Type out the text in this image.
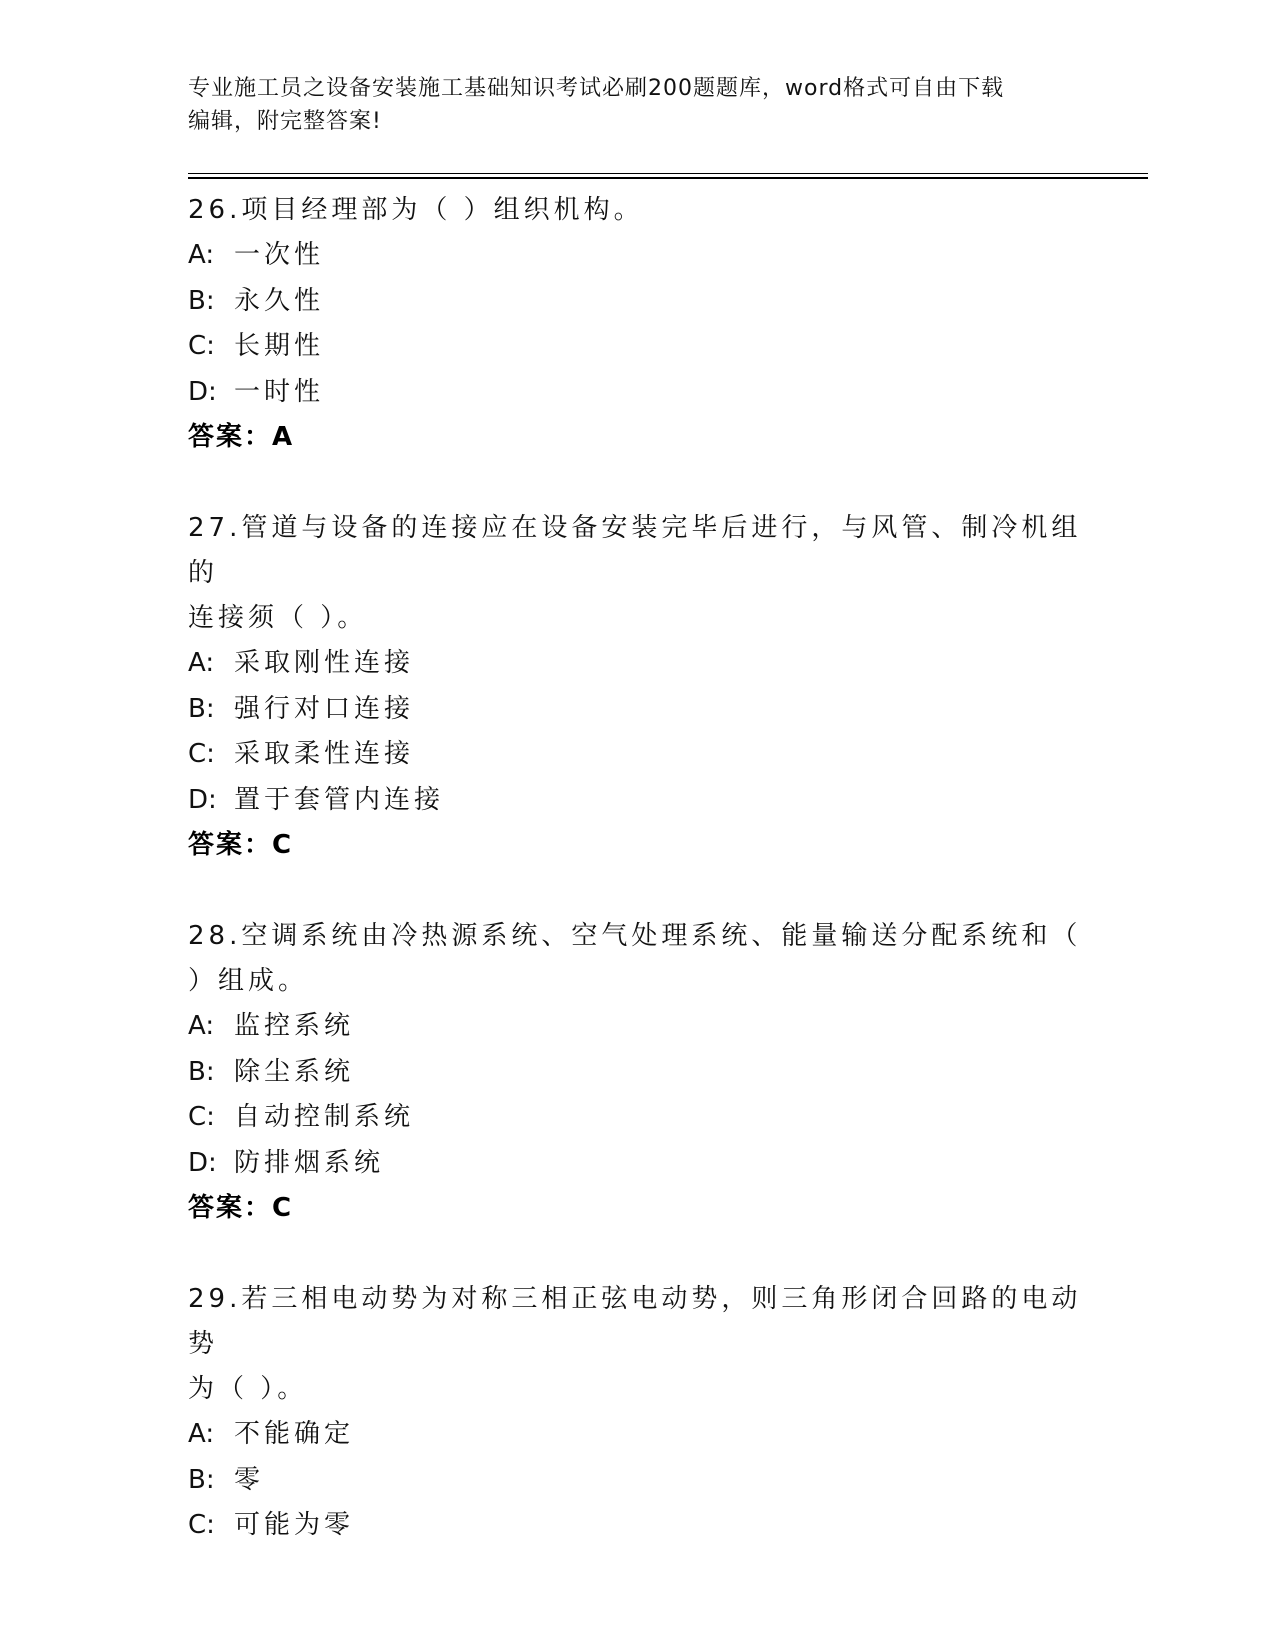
专业施工员之设备安装施工基础知识考试必刷200题题库，word格式可自由下载
编辑，附完整答案!
26.项目经理部为（ ）组织机构。
A: 一次性
B: 永久性
C: 长期性
D: 一时性
答案：A
27.管道与设备的连接应在设备安装完毕后进行，与风管、制冷机组的
连接须（ ）。
A: 采取刚性连接
B: 强行对口连接
C: 采取柔性连接
D: 置于套管内连接
答案：C
28.空调系统由冷热源系统、空气处理系统、能量输送分配系统和（
）组成。
A: 监控系统
B: 除尘系统
C: 自动控制系统
D: 防排烟系统
答案：C
29.若三相电动势为对称三相正弦电动势，则三角形闭合回路的电动势
为（ ）。
A: 不能确定
B: 零
C: 可能为零
